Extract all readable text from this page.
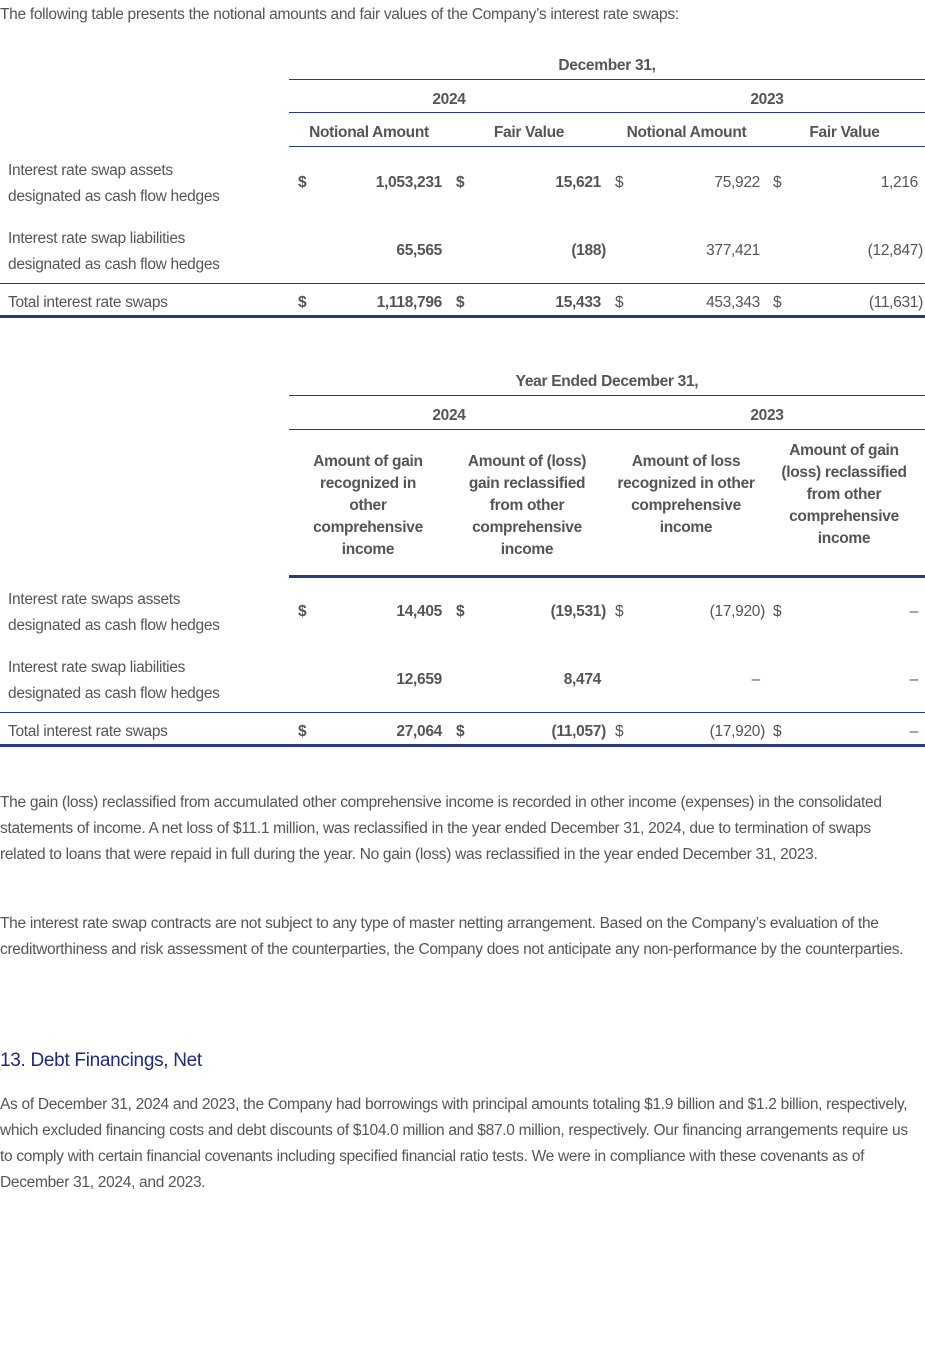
The following table presents the notional amounts and fair values of the Company’s interest rate swaps:
December 31,
2024	2023
Notional Amount	Fair Value	Notional Amount	Fair Value
Interest rate swap assets
designated as cash flow hedges
$	1,053,231 $	15,621 $	75,922 $	1,216
Interest rate swap liabilities
designated as cash flow hedges
65,565	(188)	377,421	(12,847)
Total interest rate swaps	$	1,118,796 $	15,433 $	453,343 $	(11,631)
Year Ended December 31,
2024	2023
Amount of gain recognized in other comprehensive income
Amount of (loss) gain reclassified from other comprehensive income
Amount of loss recognized in other comprehensive income
Amount of gain (loss) reclassified from other comprehensive income
Interest rate swaps assets
designated as cash flow hedges
$	14,405 $	(19,531) $	(17,920) $	–
Interest rate swap liabilities
designated as cash flow hedges
12,659	8,474	–	–
Total interest rate swaps	$	27,064 $	(11,057) $	(17,920) $	–
The gain (loss) reclassified from accumulated other comprehensive income is recorded in other income (expenses) in the consolidated statements of income. A net loss of $11.1 million, was reclassified in the year ended December 31, 2024, due to termination of swaps related to loans that were repaid in full during the year. No gain (loss) was reclassified in the year ended December 31, 2023.
The interest rate swap contracts are not subject to any type of master netting arrangement. Based on the Company’s evaluation of the creditworthiness and risk assessment of the counterparties, the Company does not anticipate any non-performance by the counterparties.
13. Debt Financings, Net
As of December 31, 2024 and 2023, the Company had borrowings with principal amounts totaling $1.9 billion and $1.2 billion, respectively, which excluded financing costs and debt discounts of $104.0 million and $87.0 million, respectively. Our financing arrangements require us to comply with certain financial covenants including specified financial ratio tests. We were in compliance with these covenants as of December 31, 2024, and 2023.
